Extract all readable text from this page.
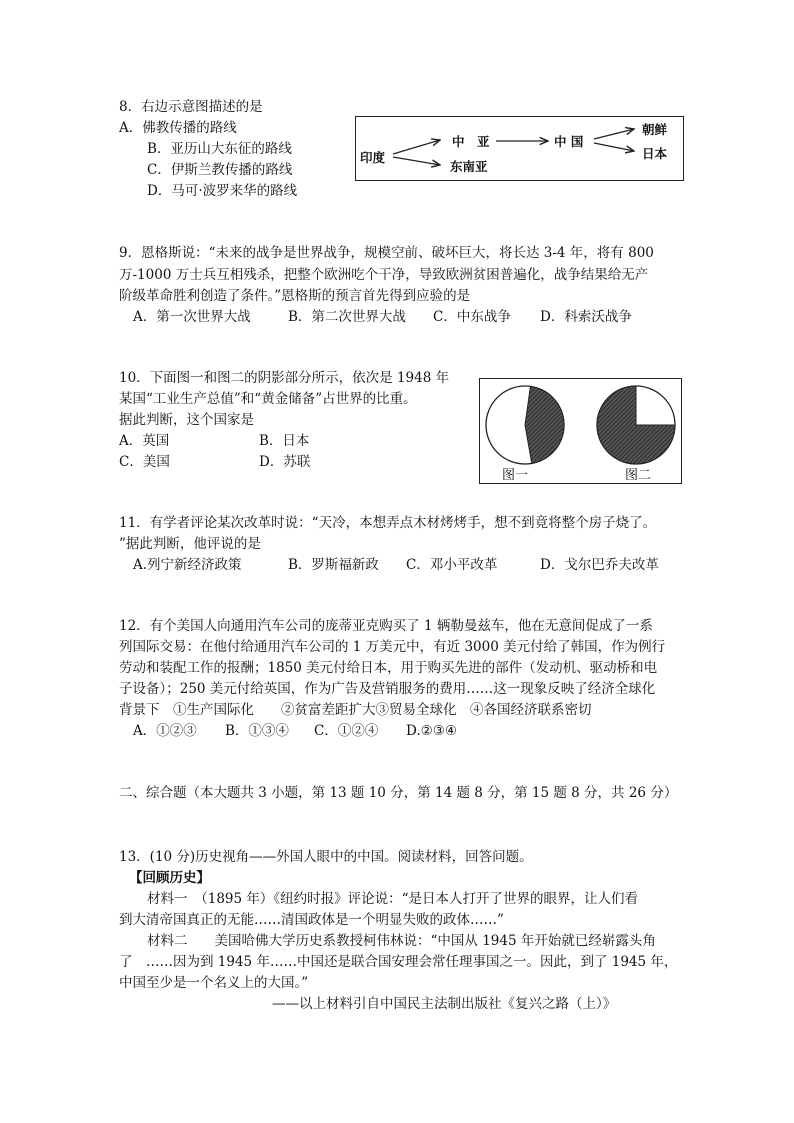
8．右边示意图描述的是
A．佛教传播的路线
B．亚历山大东征的路线
C．伊斯兰教传播的路线
D．马可·波罗来华的路线
印度
中　亚
东南亚
中 国
朝鲜
日本
9．恩格斯说：“未来的战争是世界战争，规模空前、破坏巨大，将长达 3-4 年，将有 800
万-1000 万士兵互相残杀，把整个欧洲吃个干净，导致欧洲贫困普遍化，战争结果给无产
阶级革命胜利创造了条件。”恩格斯的预言首先得到应验的是
A．第一次世界大战	B．第二次世界大战 C．中东战争 D．科索沃战争
10．下面图一和图二的阴影部分所示，依次是 1948 年
某国“工业生产总值”和“黄金储备”占世界的比重。
据此判断，这个国家是
A．英国	B．日本
C．美国	D．苏联
图一	图二
11．有学者评论某次改革时说：“天冷，本想弄点木材烤烤手，想不到竟将整个房子烧了。
”据此判断，他评说的是
A.列宁新经济政策	B．罗斯福新政 C．邓小平改革	D．戈尔巴乔夫改革
12．有个美国人向通用汽车公司的庞蒂亚克购买了 1 辆勒曼兹车，他在无意间促成了一系
列国际交易：在他付给通用汽车公司的 1 万美元中，有近 3000 美元付给了韩国，作为例行
劳动和装配工作的报酬；1850 美元付给日本，用于购买先进的部件（发动机、驱动桥和电
子设备）；250 美元付给英国，作为广告及营销服务的费用……这一现象反映了经济全球化
背景下　①生产国际化　　②贫富差距扩大③贸易全球化　④各国经济联系密切
A．①②③ B．①③④ C．①②④ D.②③④
二、综合题（本大题共 3 小题，第 13 题 10 分，第 14 题 8 分，第 15 题 8 分，共 26 分）
13．(10 分)历史视角——外国人眼中的中国。阅读材料，回答问题。
【回顾历史】
材料一　（1895 年）《纽约时报》评论说：“是日本人打开了世界的眼界，让人们看
到大清帝国真正的无能……清国政体是一个明显失败的政体……”
材料二　　美国哈佛大学历史系教授柯伟林说：“中国从 1945 年开始就已经崭露头角
了　……因为到 1945 年……中国还是联合国安理会常任理事国之一。因此，到了 1945 年，
中国至少是一个名义上的大国。”
——以上材料引自中国民主法制出版社《复兴之路（上）》
